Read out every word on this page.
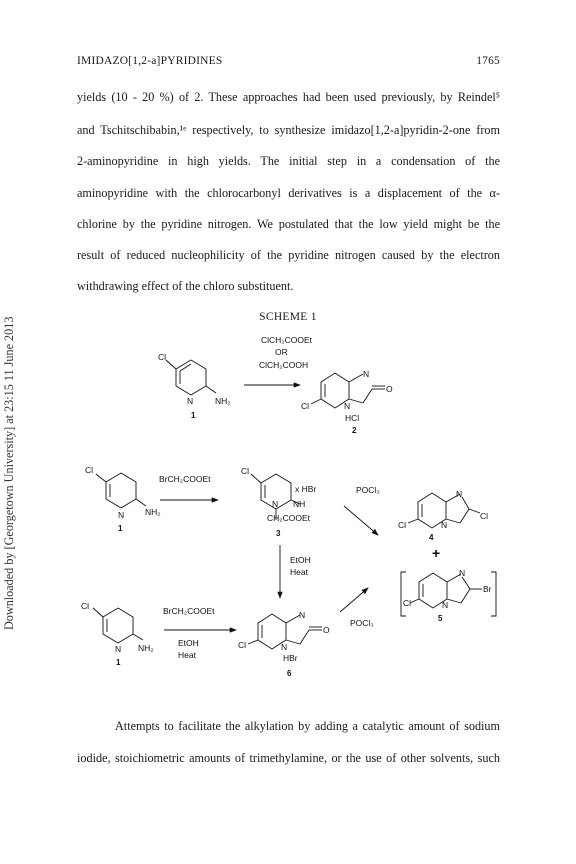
Downloaded by [Georgetown University] at 23:15 11 June 2013
IMIDAZO[1,2-a]PYRIDINES	1765
yields (10 - 20 %) of 2. These approaches had been used previously, by Reindel⁵
and Tschitschibabin,¹ᵉ respectively, to synthesize imidazo[1,2-a]pyridin-2-one from
2-aminopyridine in high yields. The initial step in a condensation of the
aminopyridine with the chlorocarbonyl derivatives is a displacement of the α-
chlorine by the pyridine nitrogen. We postulated that the low yield might be the
result of reduced nucleophilicity of the pyridine nitrogen caused by the electron
withdrawing effect of the chloro substituent.
SCHEME 1
Cl
N	NH₂
1
ClCH₂COOEt
OR
ClCH₂COOH
Cl
N
O
N
HCl
2
Cl
N NH₂
1
BrCH₂COOEt
Cl
x HBr
N NH
CH₂COOEt
3
POCl₃
Cl
N
N
Cl
4
+
EtOH
Heat
Cl
N
N
Br
5
POCl₃
Cl
N NH₂
1
BrCH₂COOEt
EtOH
Heat
Cl
N
O
N
HBr
6
Attempts to facilitate the alkylation by adding a catalytic amount of sodium
iodide, stoichiometric amounts of trimethylamine, or the use of other solvents, such
